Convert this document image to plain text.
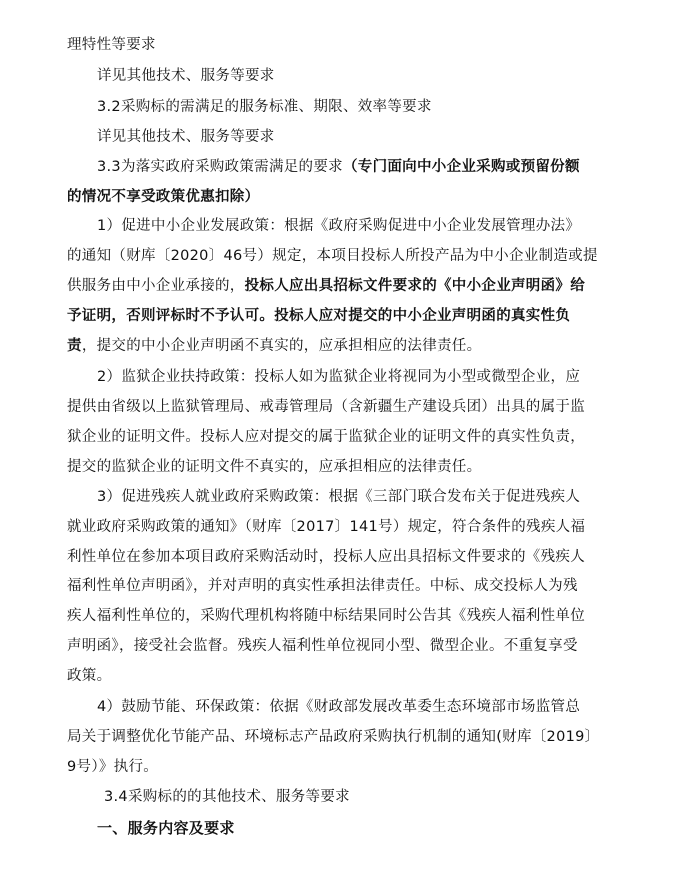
理特性等要求
详见其他技术、服务等要求
3.2采购标的需满足的服务标准、期限、效率等要求
详见其他技术、服务等要求
3.3为落实政府采购政策需满足的要求（专门面向中小企业采购或预留份额
的情况不享受政策优惠扣除）
1）促进中小企业发展政策：根据《政府采购促进中小企业发展管理办法》
的通知（财库〔2020〕46号）规定，本项目投标人所投产品为中小企业制造或提
供服务由中小企业承接的，投标人应出具招标文件要求的《中小企业声明函》给
予证明，否则评标时不予认可。投标人应对提交的中小企业声明函的真实性负
责，提交的中小企业声明函不真实的，应承担相应的法律责任。
2）监狱企业扶持政策：投标人如为监狱企业将视同为小型或微型企业，应
提供由省级以上监狱管理局、戒毒管理局（含新疆生产建设兵团）出具的属于监
狱企业的证明文件。投标人应对提交的属于监狱企业的证明文件的真实性负责，
提交的监狱企业的证明文件不真实的，应承担相应的法律责任。
3）促进残疾人就业政府采购政策：根据《三部门联合发布关于促进残疾人
就业政府采购政策的通知》（财库〔2017〕141号）规定，符合条件的残疾人福
利性单位在参加本项目政府采购活动时，投标人应出具招标文件要求的《残疾人
福利性单位声明函》，并对声明的真实性承担法律责任。中标、成交投标人为残
疾人福利性单位的，采购代理机构将随中标结果同时公告其《残疾人福利性单位
声明函》，接受社会监督。残疾人福利性单位视同小型、微型企业。不重复享受
政策。
4）鼓励节能、环保政策：依据《财政部发展改革委生态环境部市场监管总
局关于调整优化节能产品、环境标志产品政府采购执行机制的通知(财库〔2019〕
9号）》执行。
3.4采购标的的其他技术、服务等要求
一、服务内容及要求
